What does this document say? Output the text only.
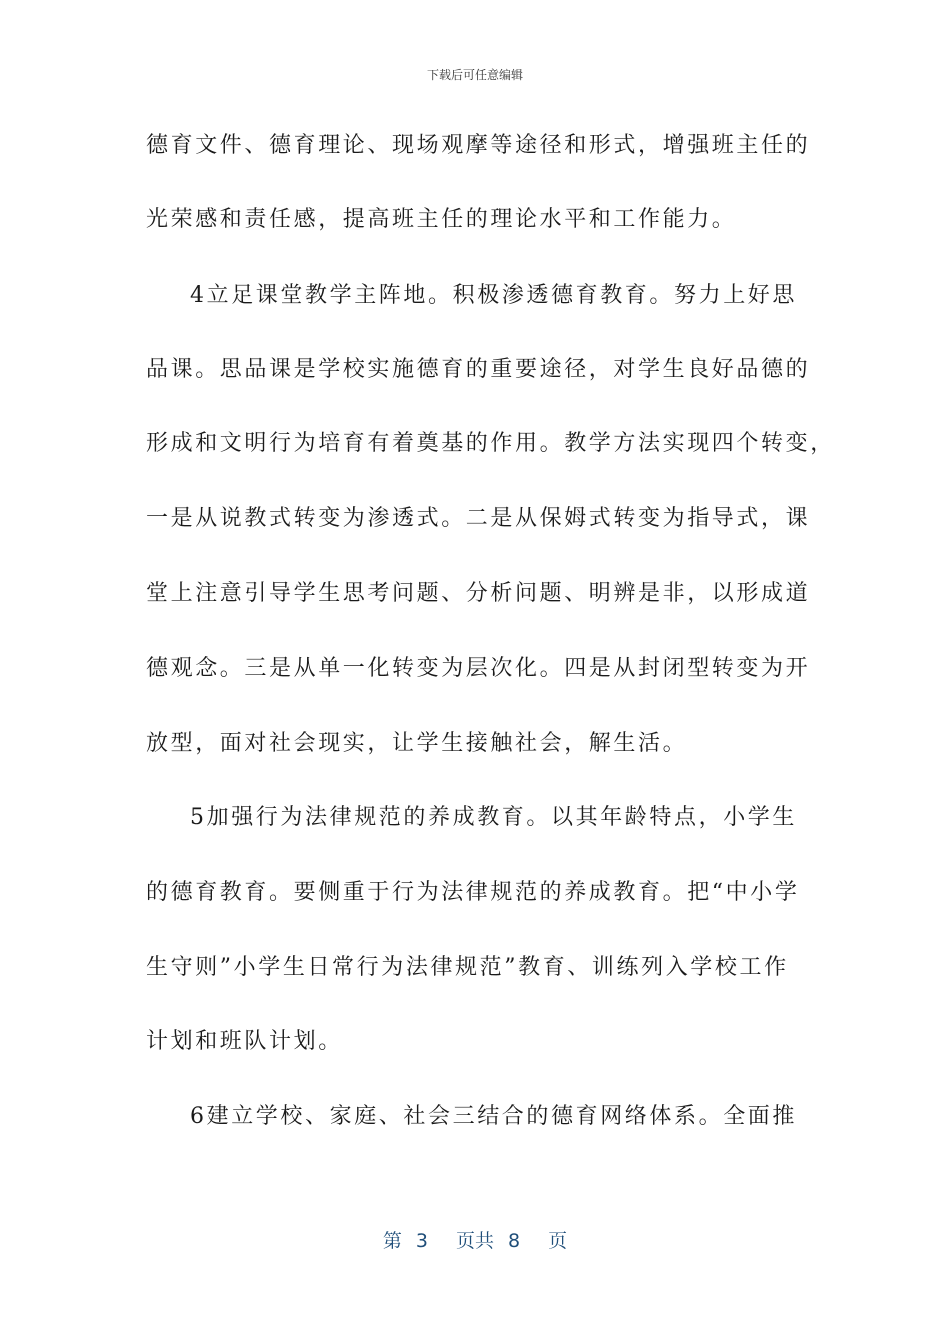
下载后可任意编辑
德育文件、德育理论、现场观摩等途径和形式，增强班主任的
光荣感和责任感，提高班主任的理论水平和工作能力。
4立足课堂教学主阵地。积极渗透德育教育。努力上好思
品课。思品课是学校实施德育的重要途径，对学生良好品德的
形成和文明行为培育有着奠基的作用。教学方法实现四个转变，
一是从说教式转变为渗透式。二是从保姆式转变为指导式，课
堂上注意引导学生思考问题、分析问题、明辨是非，以形成道
德观念。三是从单一化转变为层次化。四是从封闭型转变为开
放型，面对社会现实，让学生接触社会，解生活。
5加强行为法律规范的养成教育。以其年龄特点，小学生
的德育教育。要侧重于行为法律规范的养成教育。把“中小学
生守则”小学生日常行为法律规范”教育、训练列入学校工作
计划和班队计划。
6建立学校、家庭、社会三结合的德育网络体系。全面推
第 3 页共 8 页
